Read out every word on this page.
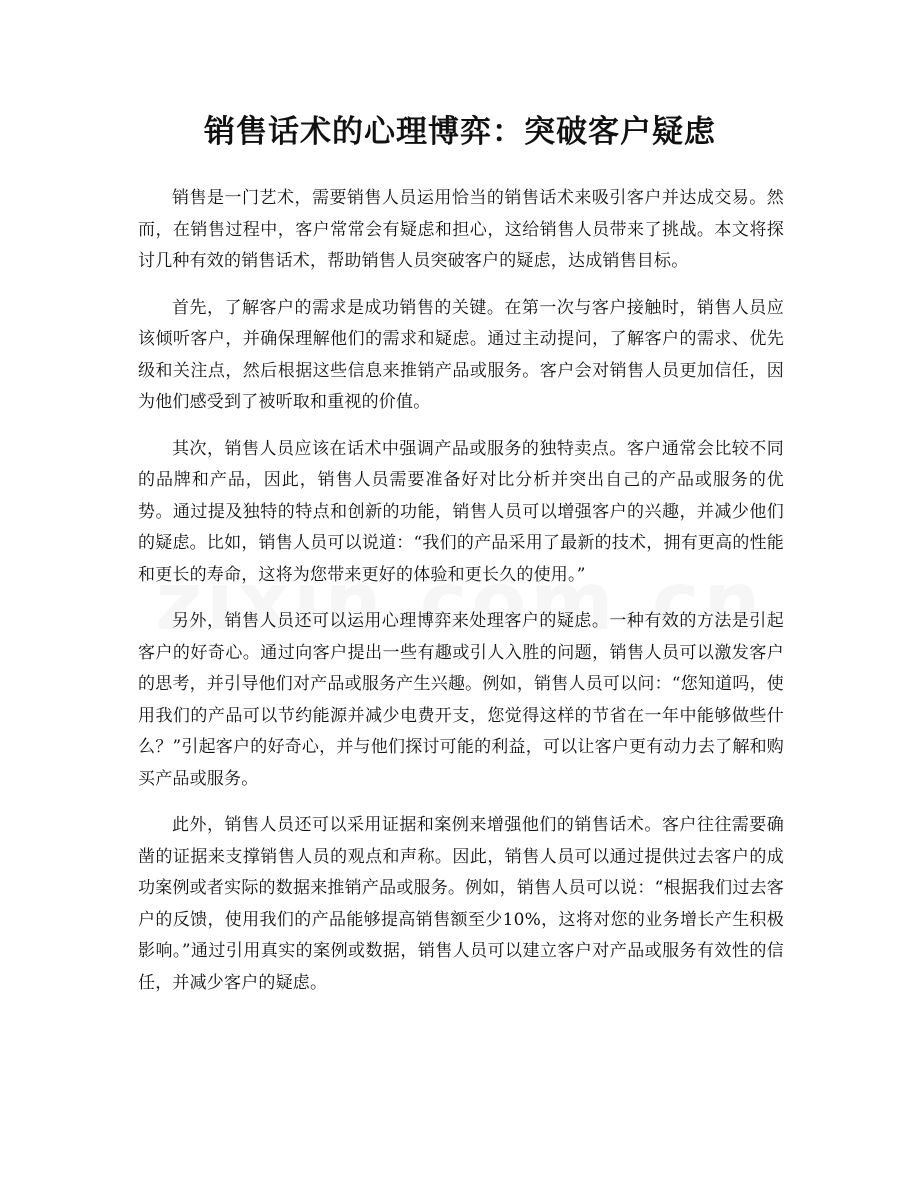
销售话术的心理博弈：突破客户疑虑

销售是一门艺术，需要销售人员运用恰当的销售话术来吸引客户并达成交易。然而，在销售过程中，客户常常会有疑虑和担心，这给销售人员带来了挑战。本文将探讨几种有效的销售话术，帮助销售人员突破客户的疑虑，达成销售目标。

首先，了解客户的需求是成功销售的关键。在第一次与客户接触时，销售人员应该倾听客户，并确保理解他们的需求和疑虑。通过主动提问，了解客户的需求、优先级和关注点，然后根据这些信息来推销产品或服务。客户会对销售人员更加信任，因为他们感受到了被听取和重视的价值。

其次，销售人员应该在话术中强调产品或服务的独特卖点。客户通常会比较不同的品牌和产品，因此，销售人员需要准备好对比分析并突出自己的产品或服务的优势。通过提及独特的特点和创新的功能，销售人员可以增强客户的兴趣，并减少他们的疑虑。比如，销售人员可以说道：“我们的产品采用了最新的技术，拥有更高的性能和更长的寿命，这将为您带来更好的体验和更长久的使用。”

另外，销售人员还可以运用心理博弈来处理客户的疑虑。一种有效的方法是引起客户的好奇心。通过向客户提出一些有趣或引人入胜的问题，销售人员可以激发客户的思考，并引导他们对产品或服务产生兴趣。例如，销售人员可以问：“您知道吗，使用我们的产品可以节约能源并减少电费开支，您觉得这样的节省在一年中能够做些什么？”引起客户的好奇心，并与他们探讨可能的利益，可以让客户更有动力去了解和购买产品或服务。

此外，销售人员还可以采用证据和案例来增强他们的销售话术。客户往往需要确凿的证据来支撑销售人员的观点和声称。因此，销售人员可以通过提供过去客户的成功案例或者实际的数据来推销产品或服务。例如，销售人员可以说：“根据我们过去客户的反馈，使用我们的产品能够提高销售额至少10%，这将对您的业务增长产生积极影响。”通过引用真实的案例或数据，销售人员可以建立客户对产品或服务有效性的信任，并减少客户的疑虑。
